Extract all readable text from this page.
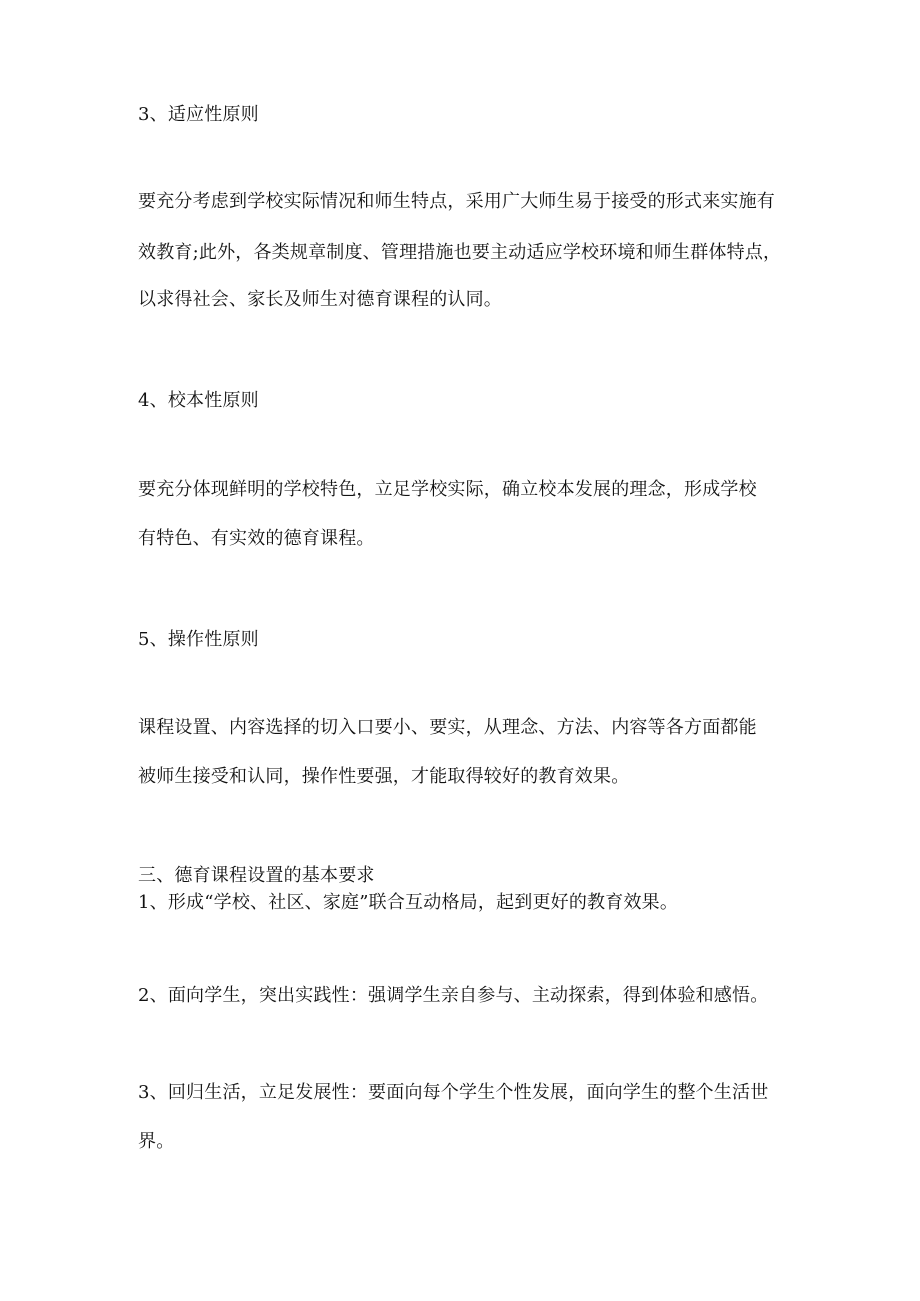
3、适应性原则
要充分考虑到学校实际情况和师生特点，采用广大师生易于接受的形式来实施有
效教育;此外，各类规章制度、管理措施也要主动适应学校环境和师生群体特点，
以求得社会、家长及师生对德育课程的认同。
4、校本性原则
要充分体现鲜明的学校特色，立足学校实际，确立校本发展的理念，形成学校
有特色、有实效的德育课程。
5、操作性原则
课程设置、内容选择的切入口要小、要实，从理念、方法、内容等各方面都能
被师生接受和认同，操作性要强，才能取得较好的教育效果。
三、德育课程设置的基本要求
1、形成“学校、社区、家庭”联合互动格局，起到更好的教育效果。
2、面向学生，突出实践性：强调学生亲自参与、主动探索，得到体验和感悟。
3、回归生活，立足发展性：要面向每个学生个性发展，面向学生的整个生活世
界。
